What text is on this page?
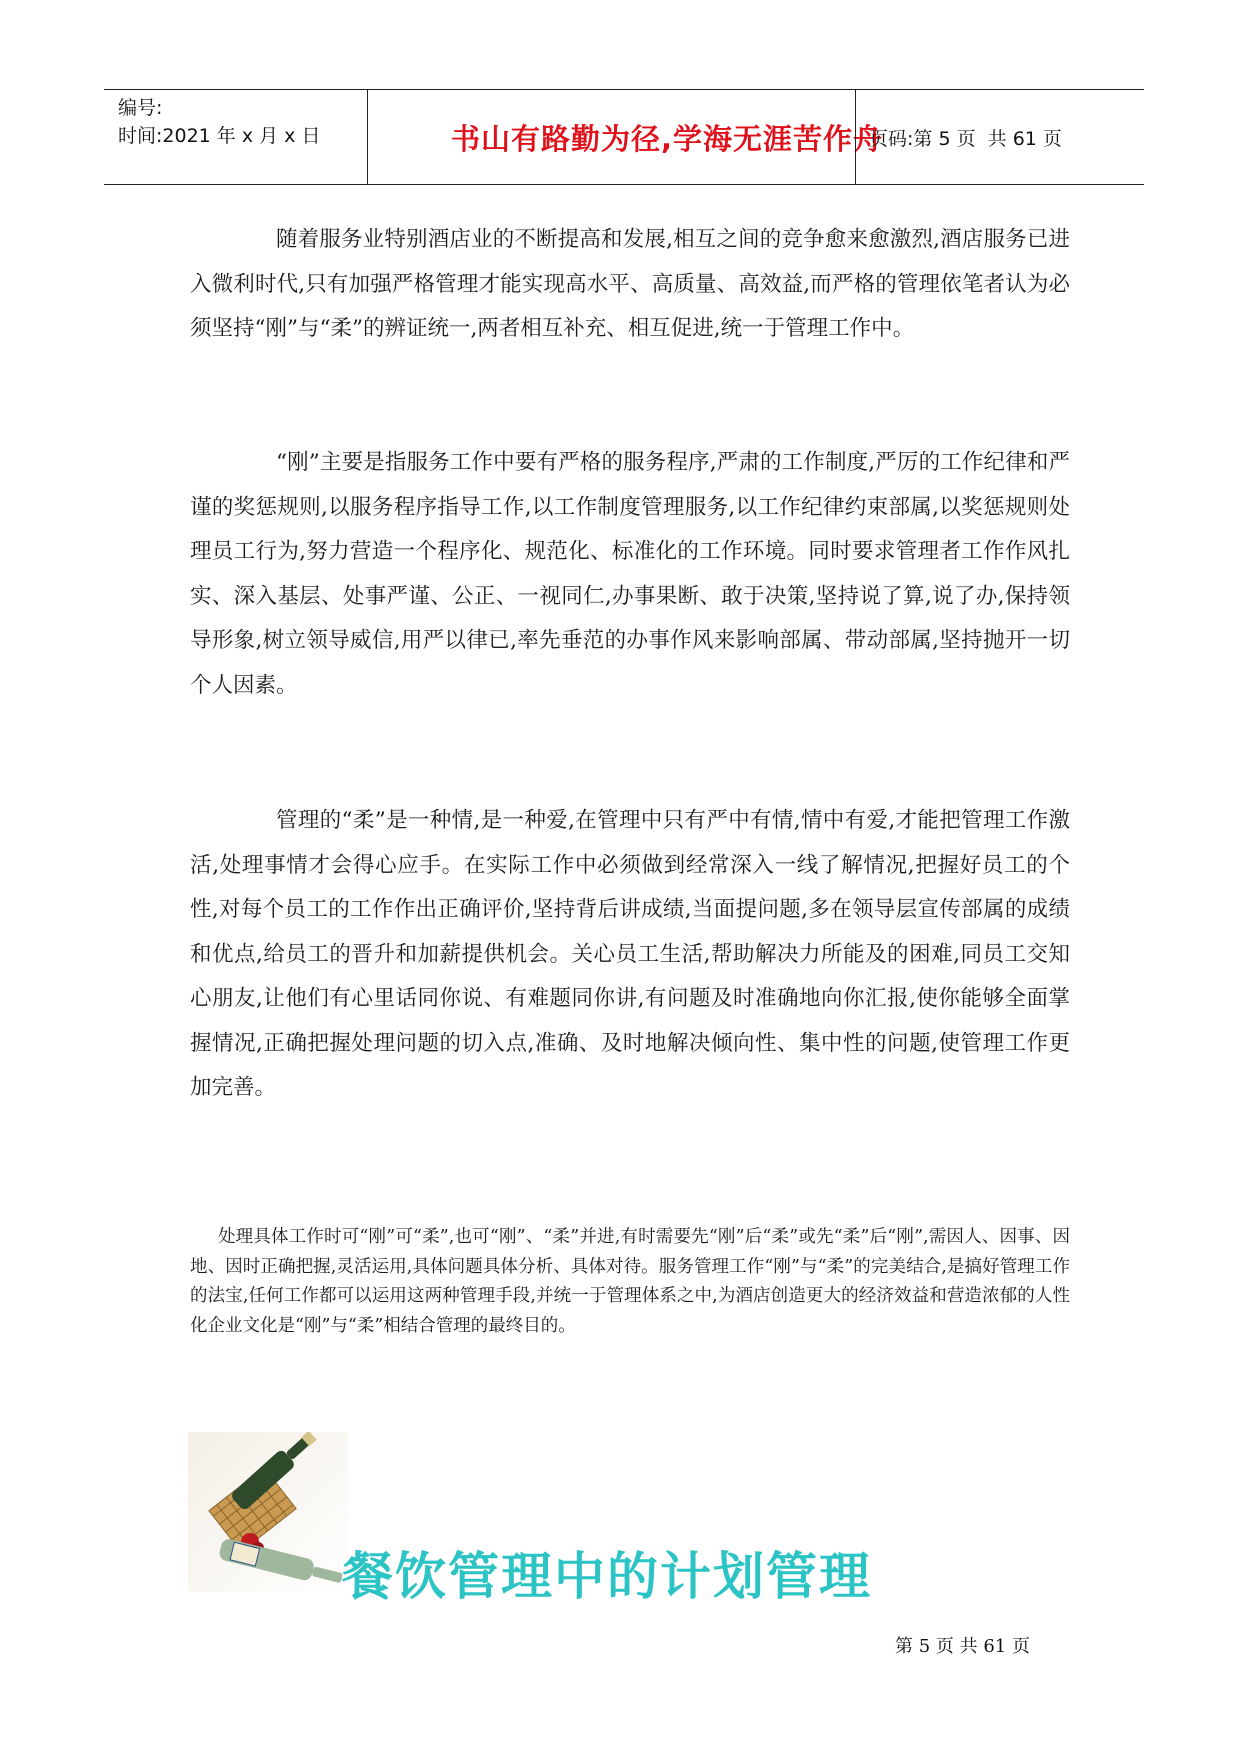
编号:
时间:2021 年 x 月 x 日	书山有路勤为径,学海无涯苦作舟
页码:第 5 页  共 61 页

随着服务业特别酒店业的不断提高和发展,相互之间的竞争愈来愈激烈,酒店服务已进入微利时代,只有加强严格管理才能实现高水平、高质量、高效益,而严格的管理依笔者认为必须坚持“刚”与“柔”的辨证统一,两者相互补充、相互促进,统一于管理工作中。

“刚”主要是指服务工作中要有严格的服务程序,严肃的工作制度,严厉的工作纪律和严谨的奖惩规则,以服务程序指导工作,以工作制度管理服务,以工作纪律约束部属,以奖惩规则处理员工行为,努力营造一个程序化、规范化、标准化的工作环境。同时要求管理者工作作风扎实、深入基层、处事严谨、公正、一视同仁,办事果断、敢于决策,坚持说了算,说了办,保持领导形象,树立领导威信,用严以律已,率先垂范的办事作风来影响部属、带动部属,坚持抛开一切个人因素。

管理的“柔”是一种情,是一种爱,在管理中只有严中有情,情中有爱,才能把管理工作激活,处理事情才会得心应手。在实际工作中必须做到经常深入一线了解情况,把握好员工的个性,对每个员工的工作作出正确评价,坚持背后讲成绩,当面提问题,多在领导层宣传部属的成绩和优点,给员工的晋升和加薪提供机会。关心员工生活,帮助解决力所能及的困难,同员工交知心朋友,让他们有心里话同你说、有难题同你讲,有问题及时准确地向你汇报,使你能够全面掌握情况,正确把握处理问题的切入点,准确、及时地解决倾向性、集中性的问题,使管理工作更加完善。

处理具体工作时可“刚”可“柔”,也可“刚”、“柔”并进,有时需要先“刚”后“柔”或先“柔”后“刚”,需因人、因事、因地、因时正确把握,灵活运用,具体问题具体分析、具体对待。服务管理工作“刚”与“柔”的完美结合,是搞好管理工作的法宝,任何工作都可以运用这两种管理手段,并统一于管理体系之中,为酒店创造更大的经济效益和营造浓郁的人性化企业文化是“刚”与“柔”相结合管理的最终目的。

餐饮管理中的计划管理
第 5 页 共 61 页
